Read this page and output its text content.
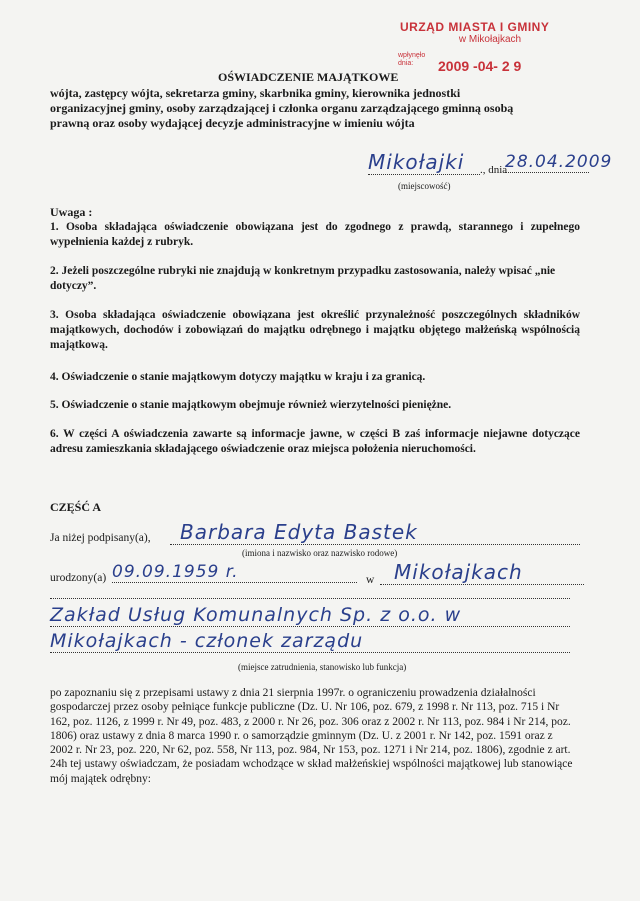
URZĄD MIASTA I GMINY
w Mikołajkach
wpłynęło dnia:	2009 -04- 2 9
OŚWIADCZENIE MAJĄTKOWE
wójta, zastępcy wójta, sekretarza gminy, skarbnika gminy, kierownika jednostki
organizacyjnej gminy, osoby zarządzającej i członka organu zarządzającego gminną osobą
prawną oraz osoby wydającej decyzje administracyjne w imieniu wójta
Mikołajki	., dnia
28.04.2009
(miejscowość)
Uwaga :
1. Osoba składająca oświadczenie obowiązana jest do zgodnego z prawdą, starannego i zupełnego wypełnienia każdej z rubryk.
2. Jeżeli poszczególne rubryki nie znajdują w konkretnym przypadku zastosowania, należy wpisać „nie dotyczy”.
3. Osoba składająca oświadczenie obowiązana jest określić przynależność poszczególnych składników majątkowych, dochodów i zobowiązań do majątku odrębnego i majątku objętego małżeńską wspólnością majątkową.
4. Oświadczenie o stanie majątkowym dotyczy majątku w kraju i za granicą.
5. Oświadczenie o stanie majątkowym obejmuje również wierzytelności pieniężne.
6. W części A oświadczenia zawarte są informacje jawne, w części B zaś informacje niejawne dotyczące adresu zamieszkania składającego oświadczenie oraz miejsca położenia nieruchomości.
CZĘŚĆ A
Ja niżej podpisany(a),	Barbara Edyta Bastek
(imiona i nazwisko oraz nazwisko rodowe)
urodzony(a) 09.09.1959 r.	w Mikołajkach
Zakład Usług Komunalnych Sp. z o.o. w
Mikołajkach - członek zarządu
(miejsce zatrudnienia, stanowisko lub funkcja)
po zapoznaniu się z przepisami ustawy z dnia 21 sierpnia 1997r. o ograniczeniu prowadzenia działalności gospodarczej przez osoby pełniące funkcje publiczne (Dz. U. Nr 106, poz. 679, z 1998 r. Nr 113, poz. 715 i Nr 162, poz. 1126, z 1999 r. Nr 49, poz. 483, z 2000 r. Nr 26, poz. 306 oraz z 2002 r. Nr 113, poz. 984 i Nr 214, poz. 1806) oraz ustawy z dnia 8 marca 1990 r. o samorządzie gminnym (Dz. U. z 2001 r. Nr 142, poz. 1591 oraz z 2002 r. Nr 23, poz. 220, Nr 62, poz. 558, Nr 113, poz. 984, Nr 153, poz. 1271 i Nr 214, poz. 1806), zgodnie z art. 24h tej ustawy oświadczam, że posiadam wchodzące w skład małżeńskiej wspólności majątkowej lub stanowiące mój majątek odrębny:
